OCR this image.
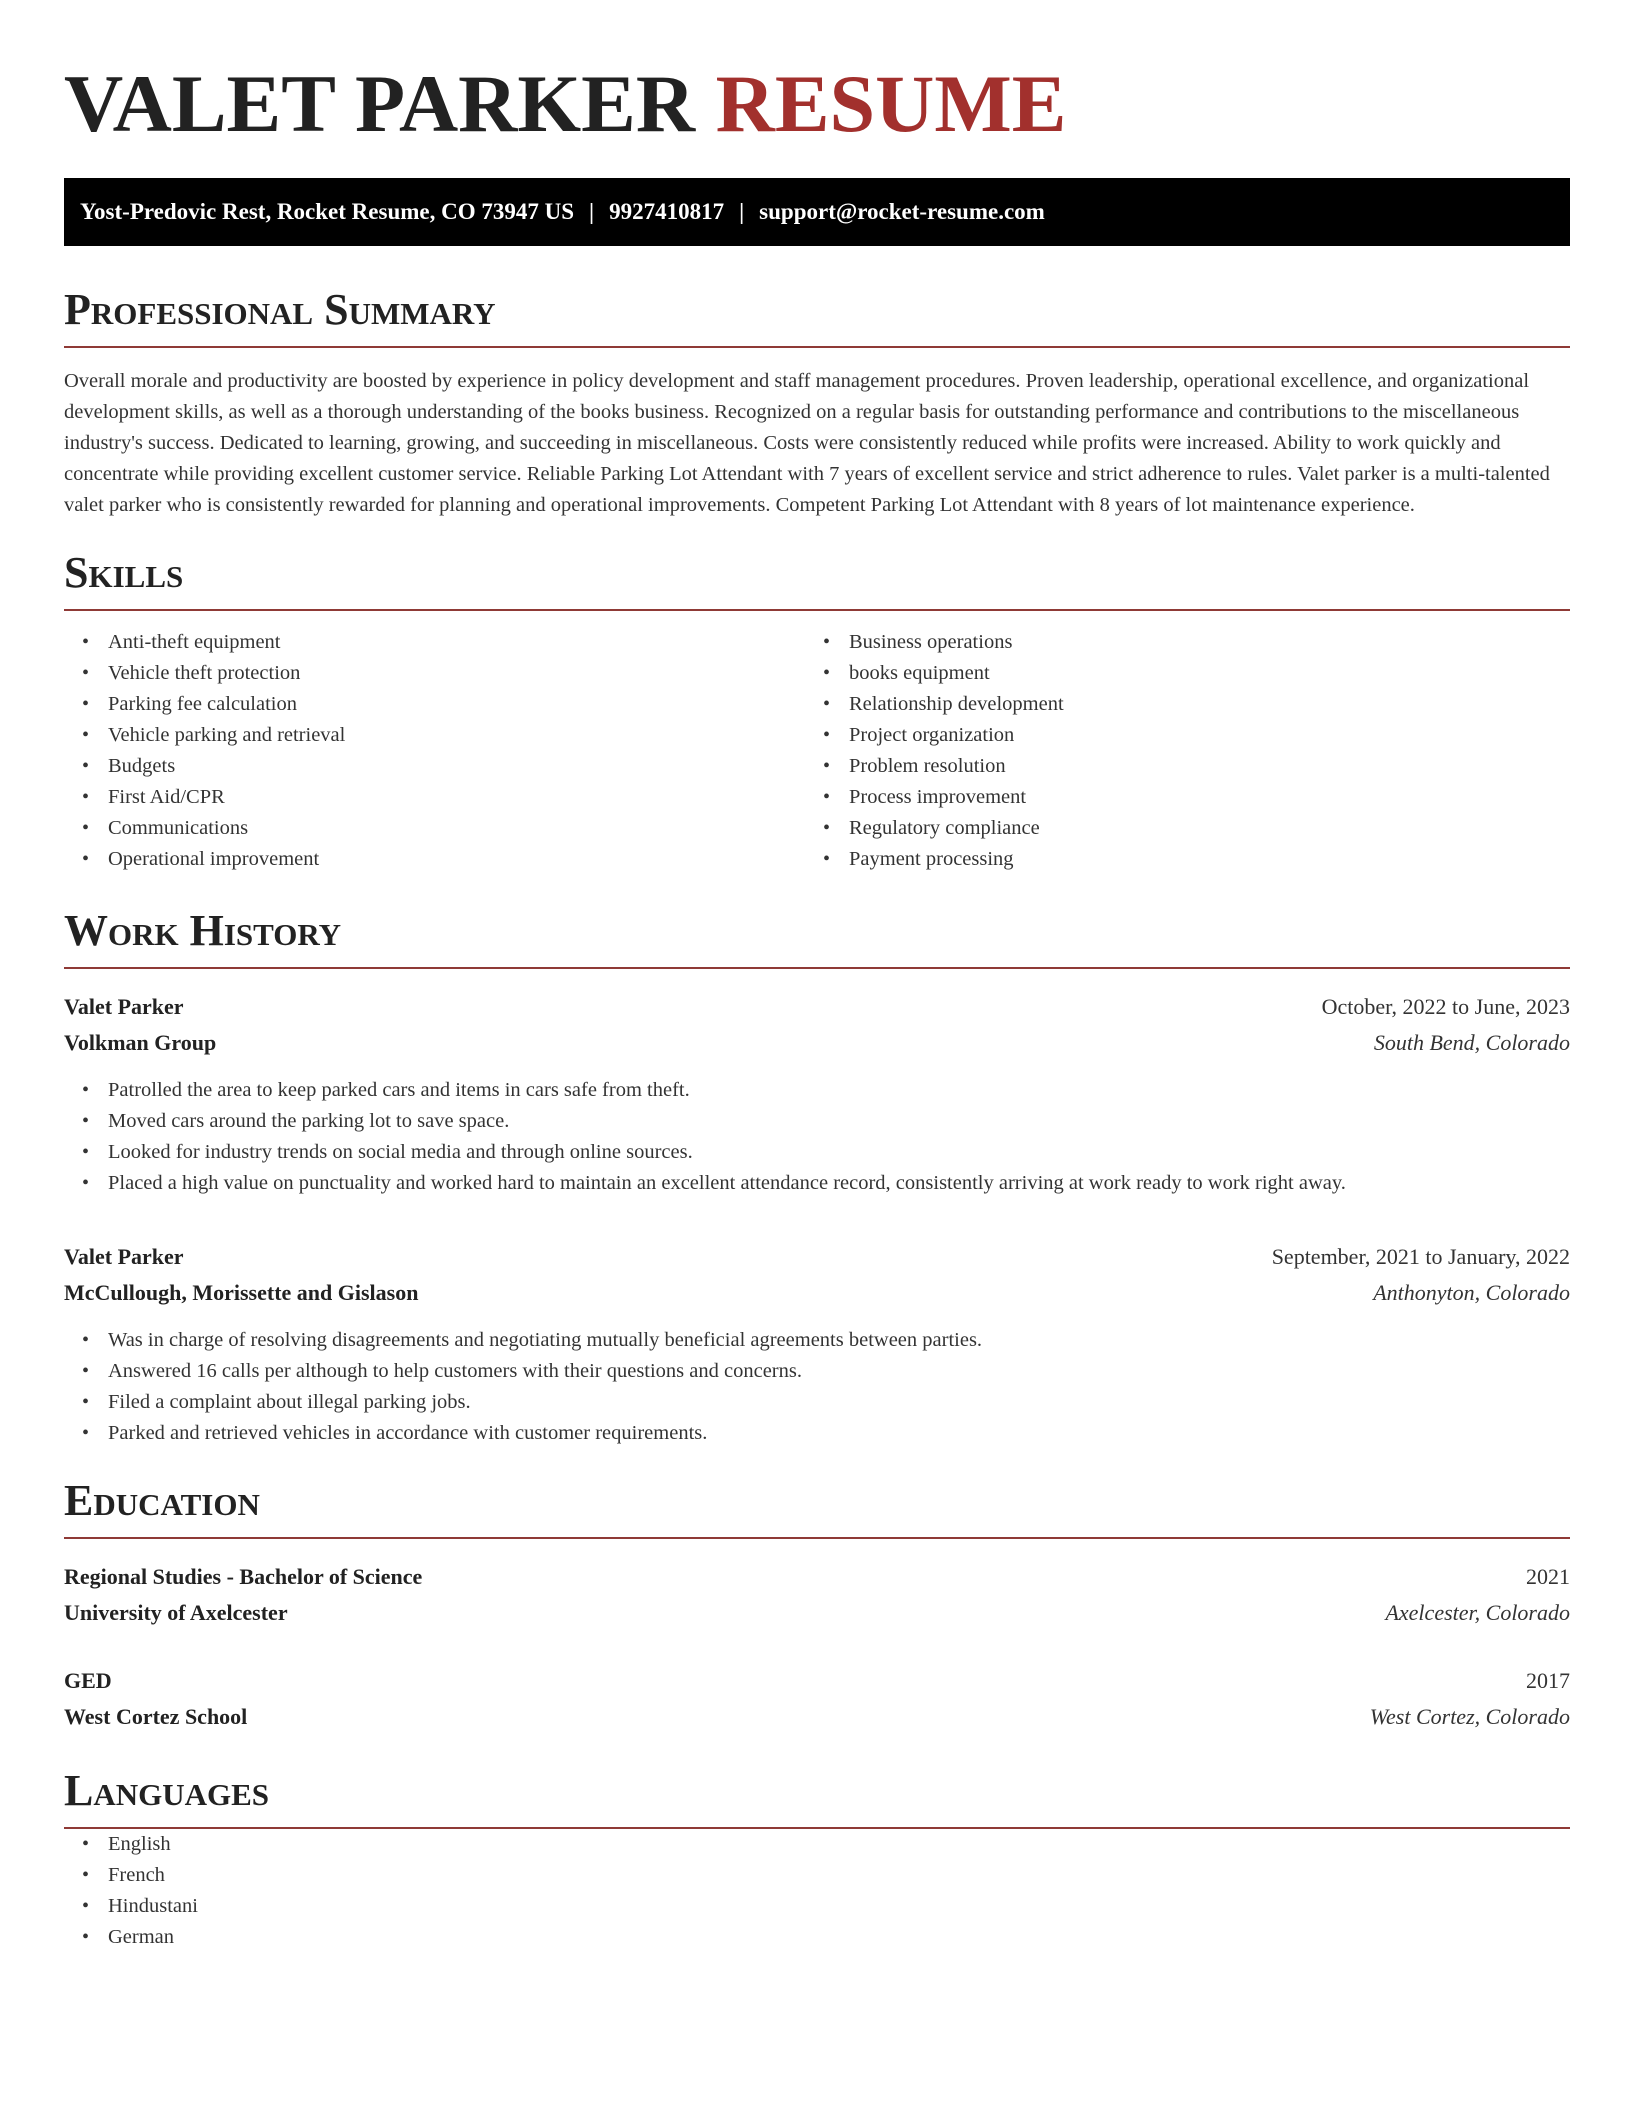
VALET PARKER RESUME
Yost-Predovic Rest, Rocket Resume, CO 73947 US | 9927410817 | support@rocket-resume.com
Professional Summary

Overall morale and productivity are boosted by experience in policy development and staff management procedures. Proven leadership, operational excellence, and organizational development skills, as well as a thorough understanding of the books business. Recognized on a regular basis for outstanding performance and contributions to the miscellaneous industry's success. Dedicated to learning, growing, and succeeding in miscellaneous. Costs were consistently reduced while profits were increased. Ability to work quickly and concentrate while providing excellent customer service. Reliable Parking Lot Attendant with 7 years of excellent service and strict adherence to rules. Valet parker is a multi-talented valet parker who is consistently rewarded for planning and operational improvements. Competent Parking Lot Attendant with 8 years of lot maintenance experience.

Skills
• Anti-theft equipment
• Vehicle theft protection
• Parking fee calculation
• Vehicle parking and retrieval
• Budgets
• First Aid/CPR
• Communications
• Operational improvement
• Business operations
• books equipment
• Relationship development
• Project organization
• Problem resolution
• Process improvement
• Regulatory compliance
• Payment processing
Work History
Valet Parker	October, 2022 to June, 2023
Volkman Group	South Bend, Colorado
• Patrolled the area to keep parked cars and items in cars safe from theft.
• Moved cars around the parking lot to save space.
• Looked for industry trends on social media and through online sources.
• Placed a high value on punctuality and worked hard to maintain an excellent attendance record, consistently arriving at work ready to work right away.
Valet Parker	September, 2021 to January, 2022
McCullough, Morissette and Gislason	Anthonyton, Colorado
• Was in charge of resolving disagreements and negotiating mutually beneficial agreements between parties.
• Answered 16 calls per although to help customers with their questions and concerns.
• Filed a complaint about illegal parking jobs.
• Parked and retrieved vehicles in accordance with customer requirements.
Education
Regional Studies - Bachelor of Science	2021
University of Axelcester	Axelcester, Colorado
GED	2017
West Cortez School	West Cortez, Colorado
Languages
• English
• French
• Hindustani
• German
